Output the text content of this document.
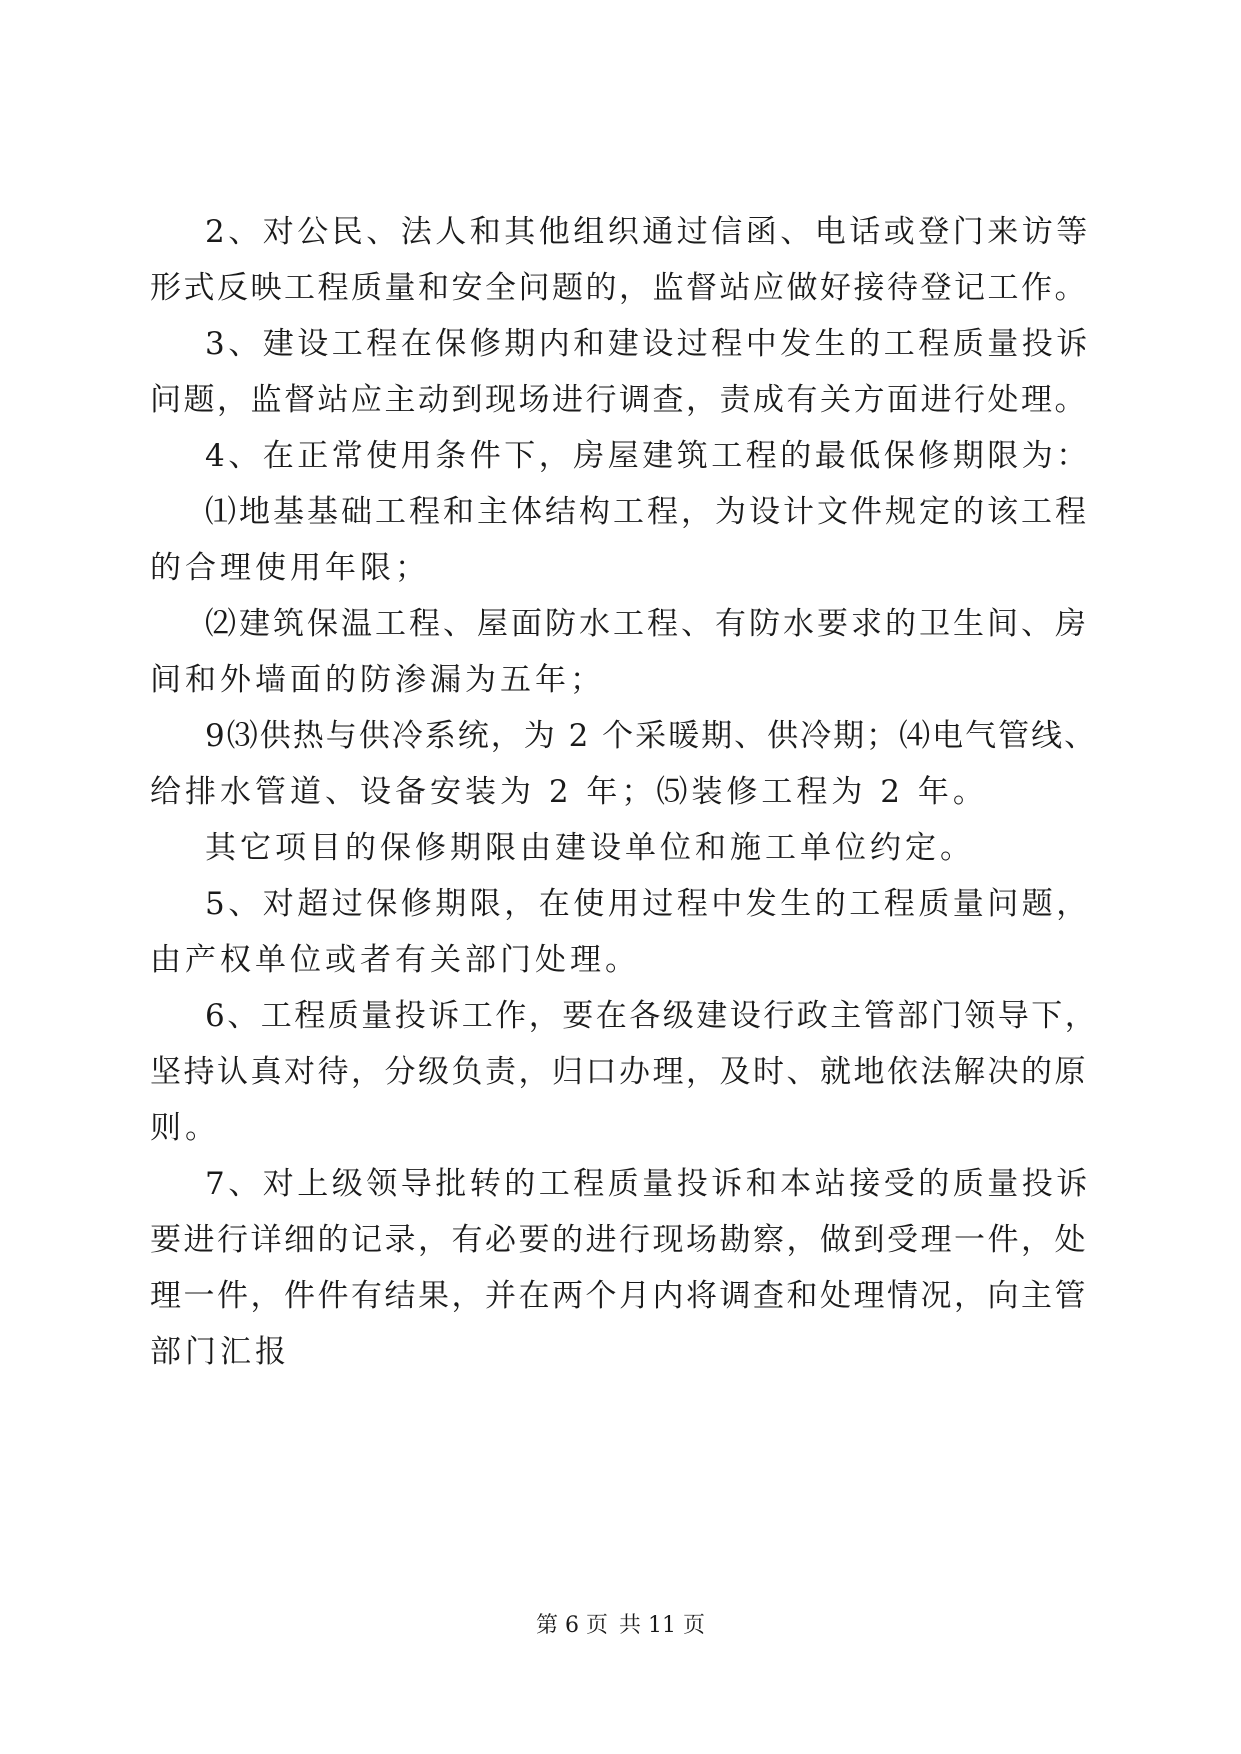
2、对公民、法人和其他组织通过信函、电话或登门来访等
形式反映工程质量和安全问题的，监督站应做好接待登记工作。
3、建设工程在保修期内和建设过程中发生的工程质量投诉
问题，监督站应主动到现场进行调查，责成有关方面进行处理。
4、在正常使用条件下，房屋建筑工程的最低保修期限为：
⑴地基基础工程和主体结构工程，为设计文件规定的该工程
的合理使用年限；
⑵建筑保温工程、屋面防水工程、有防水要求的卫生间、房
间和外墙面的防渗漏为五年；
9⑶供热与供冷系统，为 2 个采暖期、供冷期；⑷电气管线、
给排水管道、设备安装为 2 年；⑸装修工程为 2 年。
其它项目的保修期限由建设单位和施工单位约定。
5、对超过保修期限，在使用过程中发生的工程质量问题，
由产权单位或者有关部门处理。
6、工程质量投诉工作，要在各级建设行政主管部门领导下，
坚持认真对待，分级负责，归口办理，及时、就地依法解决的原
则。
7、对上级领导批转的工程质量投诉和本站接受的质量投诉
要进行详细的记录，有必要的进行现场勘察，做到受理一件，处
理一件，件件有结果，并在两个月内将调查和处理情况，向主管
部门汇报
第 6 页 共 11 页
